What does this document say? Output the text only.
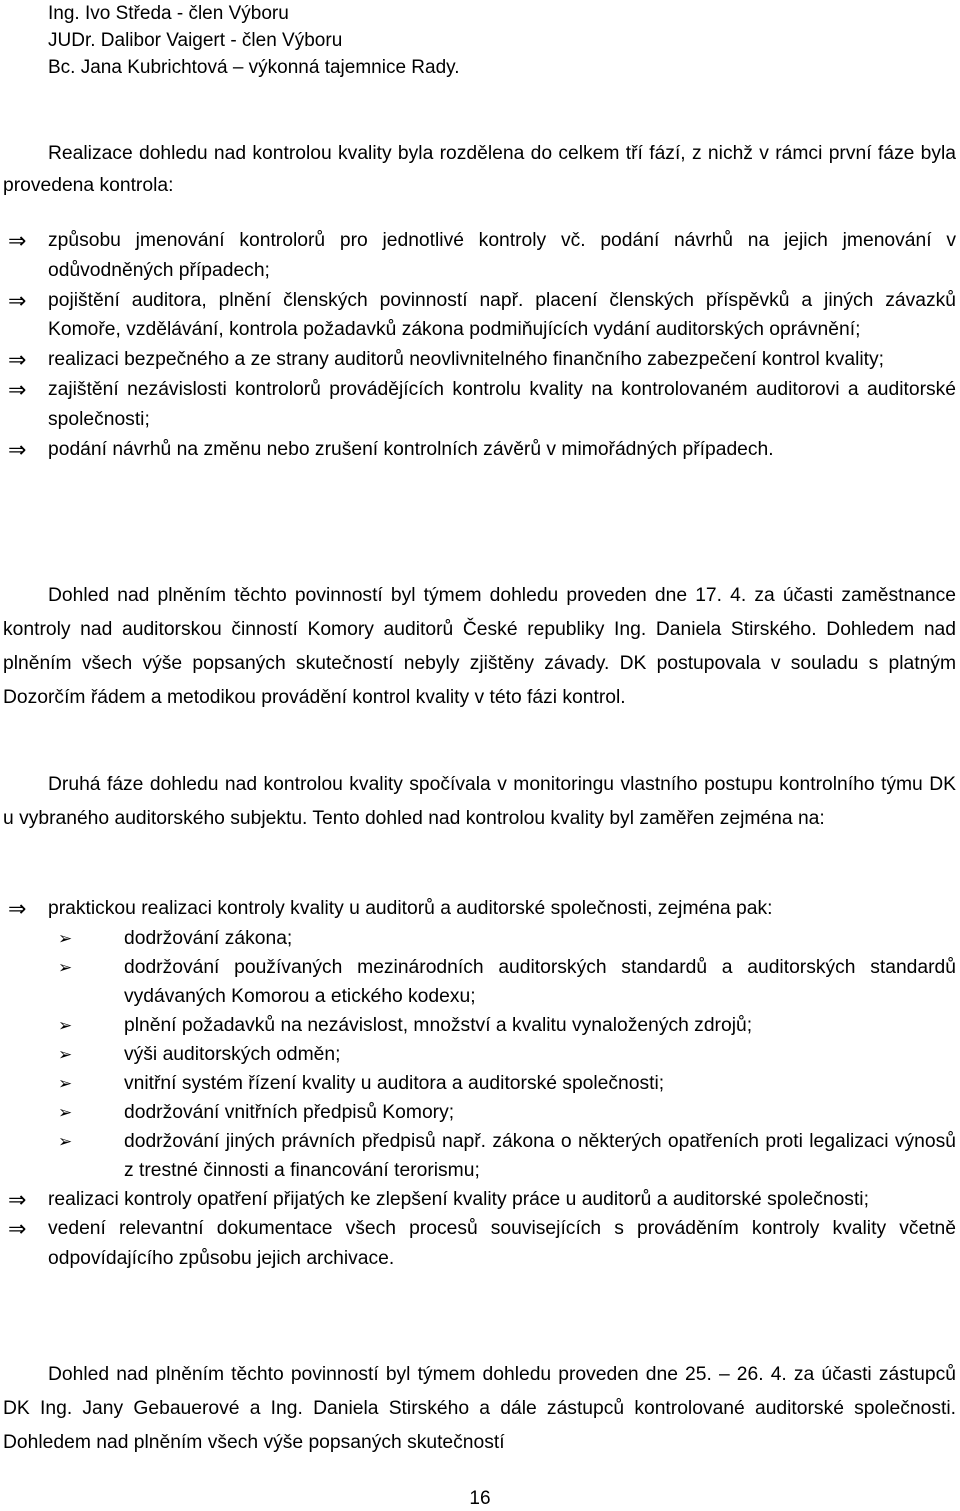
Ing. Ivo Středa - člen Výboru
JUDr. Dalibor Vaigert - člen Výboru
Bc. Jana Kubrichtová – výkonná tajemnice Rady.
Realizace dohledu nad kontrolou kvality byla rozdělena do celkem tří fází, z nichž v rámci první fáze byla provedena kontrola:
⇒ způsobu jmenování kontrolorů pro jednotlivé kontroly vč. podání návrhů na jejich jmenování v odůvodněných případech;
⇒ pojištění auditora, plnění členských povinností např. placení členských příspěvků a jiných závazků Komoře, vzdělávání, kontrola požadavků zákona podmiňujících vydání auditorských oprávnění;
⇒ realizaci bezpečného a ze strany auditorů neovlivnitelného finančního zabezpečení kontrol kvality;
⇒ zajištění nezávislosti kontrolorů provádějících kontrolu kvality na kontrolovaném auditorovi a auditorské společnosti;
⇒ podání návrhů na změnu nebo zrušení kontrolních závěrů v mimořádných případech.
Dohled nad plněním těchto povinností byl týmem dohledu proveden dne 17. 4. za účasti zaměstnance kontroly nad auditorskou činností Komory auditorů České republiky Ing. Daniela Stirského. Dohledem nad plněním všech výše popsaných skutečností nebyly zjištěny závady. DK postupovala v souladu s platným Dozorčím řádem a metodikou provádění kontrol kvality v této fázi kontrol.
Druhá fáze dohledu nad kontrolou kvality spočívala v monitoringu vlastního postupu kontrolního týmu DK u vybraného auditorského subjektu. Tento dohled nad kontrolou kvality byl zaměřen zejména na:
⇒ praktickou realizaci kontroly kvality u auditorů a auditorské společnosti, zejména pak:
➢	dodržování zákona;
➢	dodržování používaných mezinárodních auditorských standardů a auditorských standardů vydávaných Komorou a etického kodexu;
➢	plnění požadavků na nezávislost, množství a kvalitu vynaložených zdrojů;
➢	výši auditorských odměn;
➢	vnitřní systém řízení kvality u auditora a auditorské společnosti;
➢	dodržování vnitřních předpisů Komory;
➢	dodržování jiných právních předpisů např. zákona o některých opatřeních proti legalizaci výnosů z trestné činnosti a financování terorismu;
⇒ realizaci kontroly opatření přijatých ke zlepšení kvality práce u auditorů a auditorské společnosti;
⇒ vedení relevantní dokumentace všech procesů souvisejících s prováděním kontroly kvality včetně odpovídajícího způsobu jejich archivace.
Dohled nad plněním těchto povinností byl týmem dohledu proveden dne 25. – 26. 4. za účasti zástupců DK Ing. Jany Gebauerové a Ing. Daniela Stirského a dále zástupců kontrolované auditorské společnosti. Dohledem nad plněním všech výše popsaných skutečností
16
